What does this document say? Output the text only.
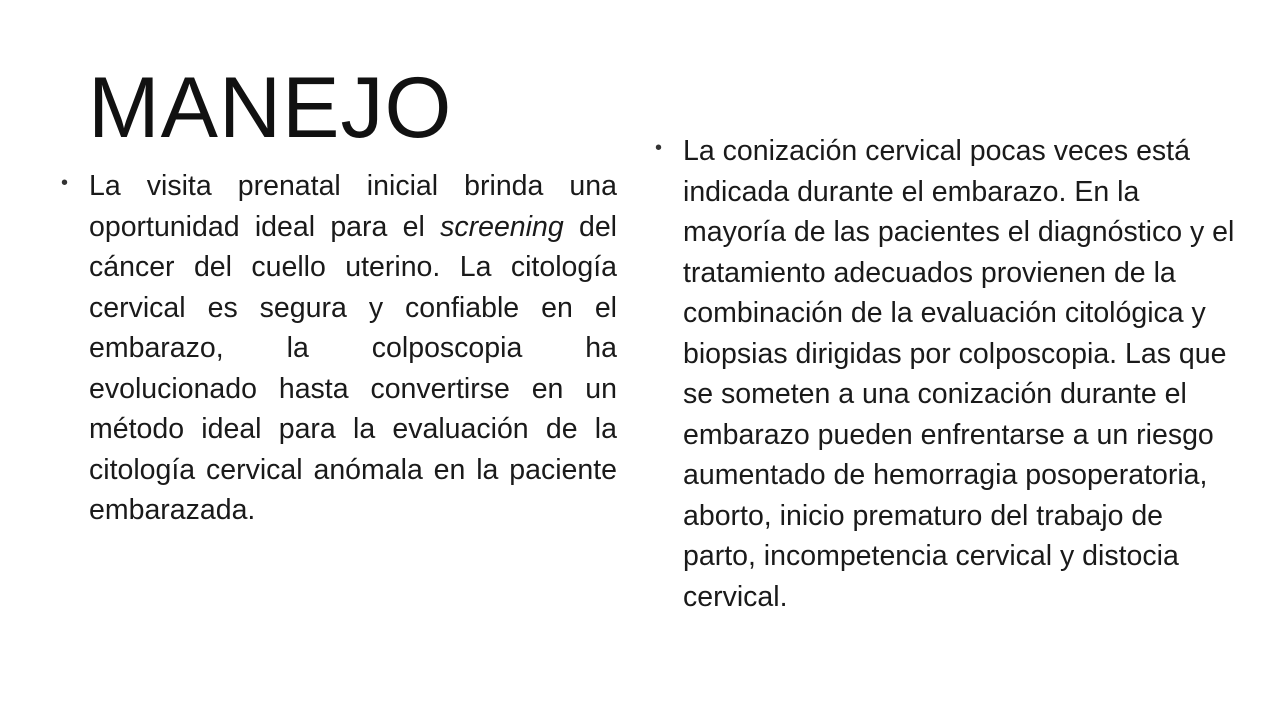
MANEJO
• La visita prenatal inicial brinda una oportunidad ideal para el screening del cáncer del cuello uterino. La citología cervical es segura y confiable en el embarazo, la colposcopia ha evolucionado hasta convertirse en un método ideal para la evaluación de la citología cervical anómala en la paciente embarazada.
• La conización cervical pocas veces está indicada durante el embarazo. En la mayoría de las pacientes el diagnóstico y el tratamiento adecuados provienen de la combinación de la evaluación citológica y biopsias dirigidas por colposcopia. Las que se someten a una conización durante el embarazo pueden enfrentarse a un riesgo aumentado de hemorragia posoperatoria, aborto, inicio prematuro del trabajo de parto, incompetencia cervical y distocia cervical.
